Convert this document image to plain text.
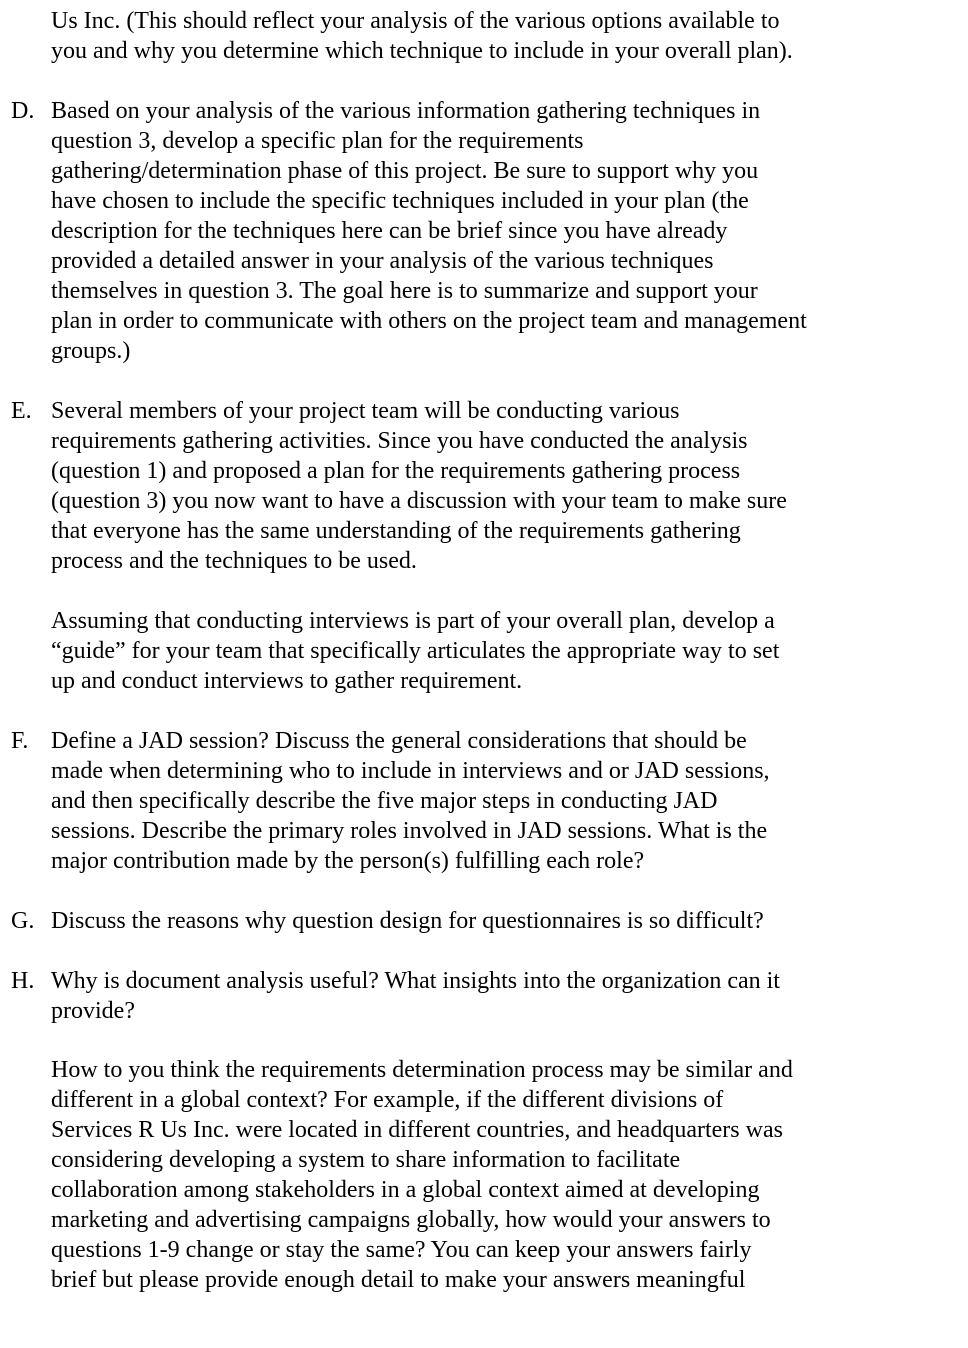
Us Inc. (This should reflect your analysis of the various options available to
you and why you determine which technique to include in your overall plan).
D. Based on your analysis of the various information gathering techniques in
question 3, develop a specific plan for the requirements
gathering/determination phase of this project. Be sure to support why you
have chosen to include the specific techniques included in your plan (the
description for the techniques here can be brief since you have already
provided a detailed answer in your analysis of the various techniques
themselves in question 3. The goal here is to summarize and support your
plan in order to communicate with others on the project team and management
groups.)
E. Several members of your project team will be conducting various
requirements gathering activities. Since you have conducted the analysis
(question 1) and proposed a plan for the requirements gathering process
(question 3) you now want to have a discussion with your team to make sure
that everyone has the same understanding of the requirements gathering
process and the techniques to be used.
Assuming that conducting interviews is part of your overall plan, develop a
“guide” for your team that specifically articulates the appropriate way to set
up and conduct interviews to gather requirement.
F. Define a JAD session? Discuss the general considerations that should be
made when determining who to include in interviews and or JAD sessions,
and then specifically describe the five major steps in conducting JAD
sessions. Describe the primary roles involved in JAD sessions. What is the
major contribution made by the person(s) fulfilling each role?
G. Discuss the reasons why question design for questionnaires is so difficult?
H. Why is document analysis useful? What insights into the organization can it
provide?
How to you think the requirements determination process may be similar and
different in a global context? For example, if the different divisions of
Services R Us Inc. were located in different countries, and headquarters was
considering developing a system to share information to facilitate
collaboration among stakeholders in a global context aimed at developing
marketing and advertising campaigns globally, how would your answers to
questions 1-9 change or stay the same? You can keep your answers fairly
brief but please provide enough detail to make your answers meaningful
